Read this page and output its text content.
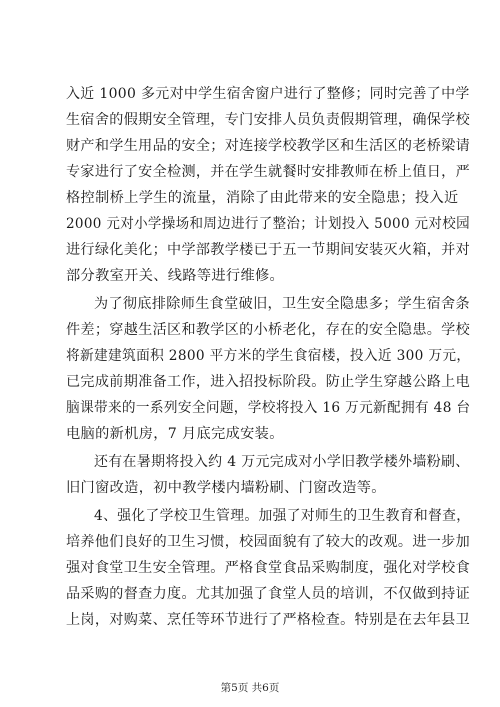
入近 1000 多元对中学生宿舍窗户进行了整修；同时完善了中学
生宿舍的假期安全管理，专门安排人员负责假期管理，确保学校
财产和学生用品的安全；对连接学校教学区和生活区的老桥梁请
专家进行了安全检测，并在学生就餐时安排教师在桥上值日，严
格控制桥上学生的流量，消除了由此带来的安全隐患；投入近
2000 元对小学操场和周边进行了整治；计划投入 5000 元对校园
进行绿化美化；中学部教学楼已于五一节期间安装灭火箱，并对
部分教室开关、线路等进行维修。
为了彻底排除师生食堂破旧，卫生安全隐患多；学生宿舍条
件差；穿越生活区和教学区的小桥老化，存在的安全隐患。学校
将新建建筑面积 2800 平方米的学生食宿楼，投入近 300 万元，
已完成前期准备工作，进入招投标阶段。防止学生穿越公路上电
脑课带来的一系列安全问题，学校将投入 16 万元新配拥有 48 台
电脑的新机房，7 月底完成安装。
还有在暑期将投入约 4 万元完成对小学旧教学楼外墙粉刷、
旧门窗改造，初中教学楼内墙粉刷、门窗改造等。
4、强化了学校卫生管理。加强了对师生的卫生教育和督查，
培养他们良好的卫生习惯，校园面貌有了较大的改观。进一步加
强对食堂卫生安全管理。严格食堂食品采购制度，强化对学校食
品采购的督查力度。尤其加强了食堂人员的培训，不仅做到持证
上岗，对购菜、烹任等环节进行了严格检查。特别是在去年县卫
第5页 共6页
